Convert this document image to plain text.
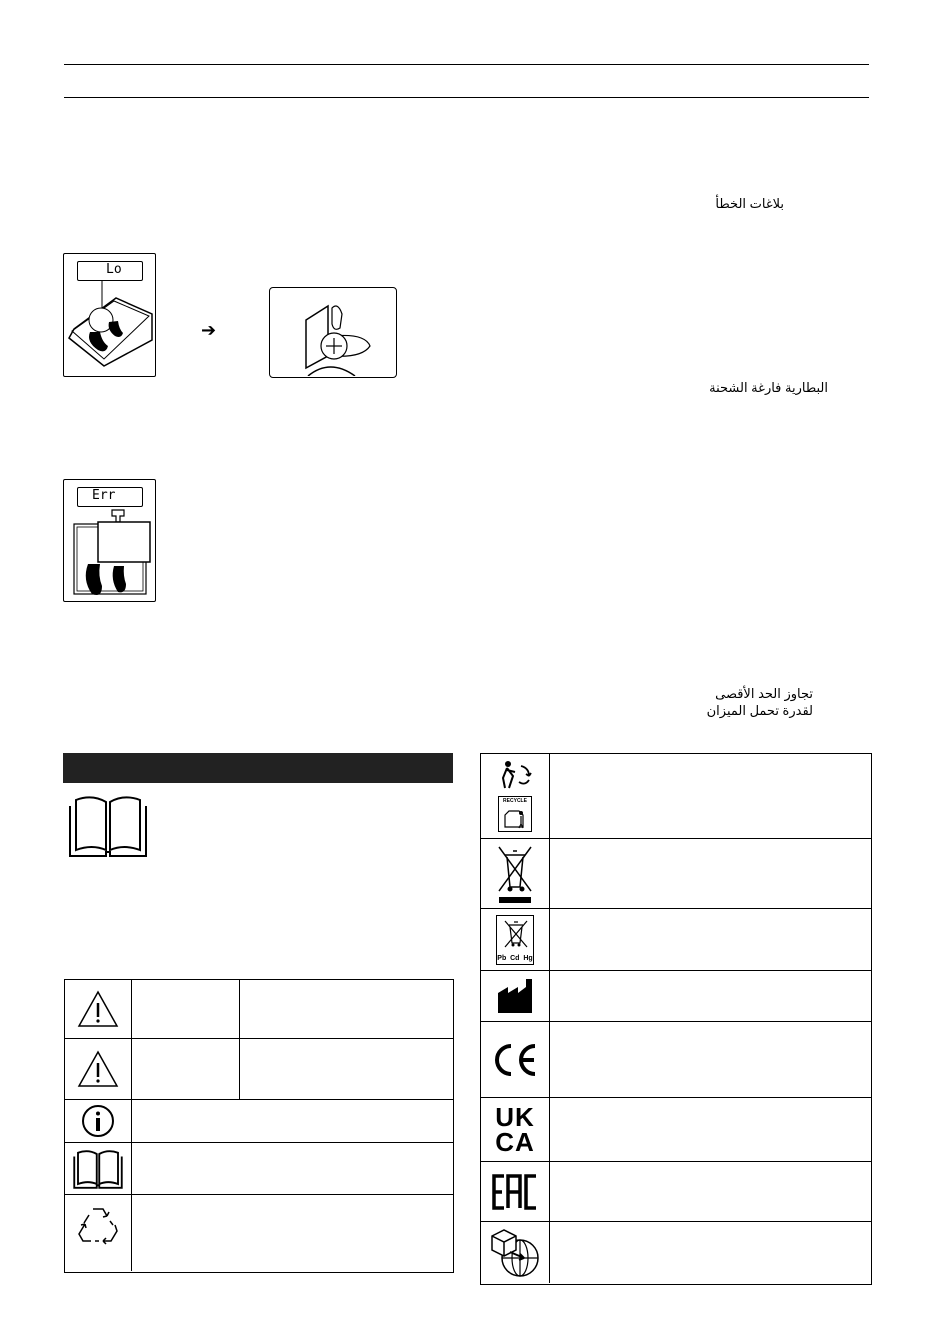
بلاغات الخطأ
البطارية فارغة الشحنة
تجاوز الحد الأقصى
لقدرة تحمل الميزان
Lo
➔
Err
RECYCLE
Pb  Cd  Hg
UK
CA
